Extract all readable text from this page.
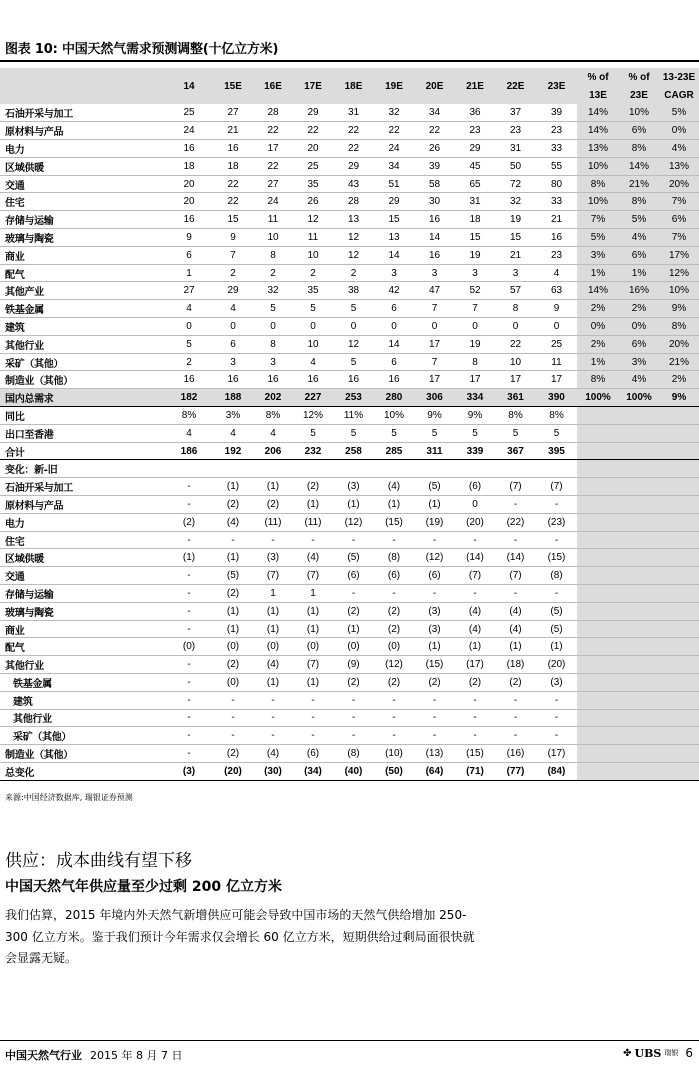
图表 10: 中国天然气需求预测调整(十亿立方米)
	14	15E	16E	17E	18E	19E	20E	21E	22E	23E	% of	% of	13-23E
											13E	23E	CAGR
石油开采与加工	25	27	28	29	31	32	34	36	37	39	14%	10%	5%
原材料与产品	24	21	22	22	22	22	22	23	23	23	14%	6%	0%
电力	16	16	17	20	22	24	26	29	31	33	13%	8%	4%
区域供暖	18	18	22	25	29	34	39	45	50	55	10%	14%	13%
交通	20	22	27	35	43	51	58	65	72	80	8%	21%	20%
住宅	20	22	24	26	28	29	30	31	32	33	10%	8%	7%
存储与运输	16	15	11	12	13	15	16	18	19	21	7%	5%	6%
玻璃与陶瓷	9	9	10	11	12	13	14	15	15	16	5%	4%	7%
商业	6	7	8	10	12	14	16	19	21	23	3%	6%	17%
配气	1	2	2	2	2	3	3	3	3	4	1%	1%	12%
其他产业	27	29	32	35	38	42	47	52	57	63	14%	16%	10%
铁基金属	4	4	5	5	5	6	7	7	8	9	2%	2%	9%
建筑	0	0	0	0	0	0	0	0	0	0	0%	0%	8%
其他行业	5	6	8	10	12	14	17	19	22	25	2%	6%	20%
采矿（其他）	2	3	3	4	5	6	7	8	10	11	1%	3%	21%
制造业（其他）	16	16	16	16	16	16	17	17	17	17	8%	4%	2%
国内总需求	182	188	202	227	253	280	306	334	361	390	100%	100%	9%
同比	8%	3%	8%	12%	11%	10%	9%	9%	8%	8%			
出口至香港	4	4	4	5	5	5	5	5	5	5			
合计	186	192	206	232	258	285	311	339	367	395			
变化：新-旧													
石油开采与加工	-	(1)	(1)	(2)	(3)	(4)	(5)	(6)	(7)	(7)			
原材料与产品	-	(2)	(2)	(1)	(1)	(1)	(1)	0	-	-			
电力	(2)	(4)	(11)	(11)	(12)	(15)	(19)	(20)	(22)	(23)			
住宅	-	-	-	-	-	-	-	-	-	-			
区域供暖	(1)	(1)	(3)	(4)	(5)	(8)	(12)	(14)	(14)	(15)			
交通	-	(5)	(7)	(7)	(6)	(6)	(6)	(7)	(7)	(8)			
存储与运输	-	(2)	1	1	-	-	-	-	-	-			
玻璃与陶瓷	-	(1)	(1)	(1)	(2)	(2)	(3)	(4)	(4)	(5)			
商业	-	(1)	(1)	(1)	(1)	(2)	(3)	(4)	(4)	(5)			
配气	(0)	(0)	(0)	(0)	(0)	(0)	(1)	(1)	(1)	(1)			
其他行业	-	(2)	(4)	(7)	(9)	(12)	(15)	(17)	(18)	(20)			
铁基金属	-	(0)	(1)	(1)	(2)	(2)	(2)	(2)	(2)	(3)			
建筑	-	-	-	-	-	-	-	-	-	-			
其他行业	-	-	-	-	-	-	-	-	-	-			
采矿（其他）	-	-	-	-	-	-	-	-	-	-			
制造业（其他）	-	(2)	(4)	(6)	(8)	(10)	(13)	(15)	(16)	(17)			
总变化	(3)	(20)	(30)	(34)	(40)	(50)	(64)	(71)	(77)	(84)			
来源:中国经济数据库, 瑞银证券预测
供应：成本曲线有望下移
中国天然气年供应量至少过剩 200 亿立方米

我们估算，2015 年境内外天然气新增供应可能会导致中国市场的天然气供给增加 250-300 亿立方米。鉴于我们预计今年需求仅会增长 60 亿立方米，短期供给过剩局面很快就会显露无疑。

中国天然气行业 2015 年 8 月 7 日	✤ UBS 瑞银 6
